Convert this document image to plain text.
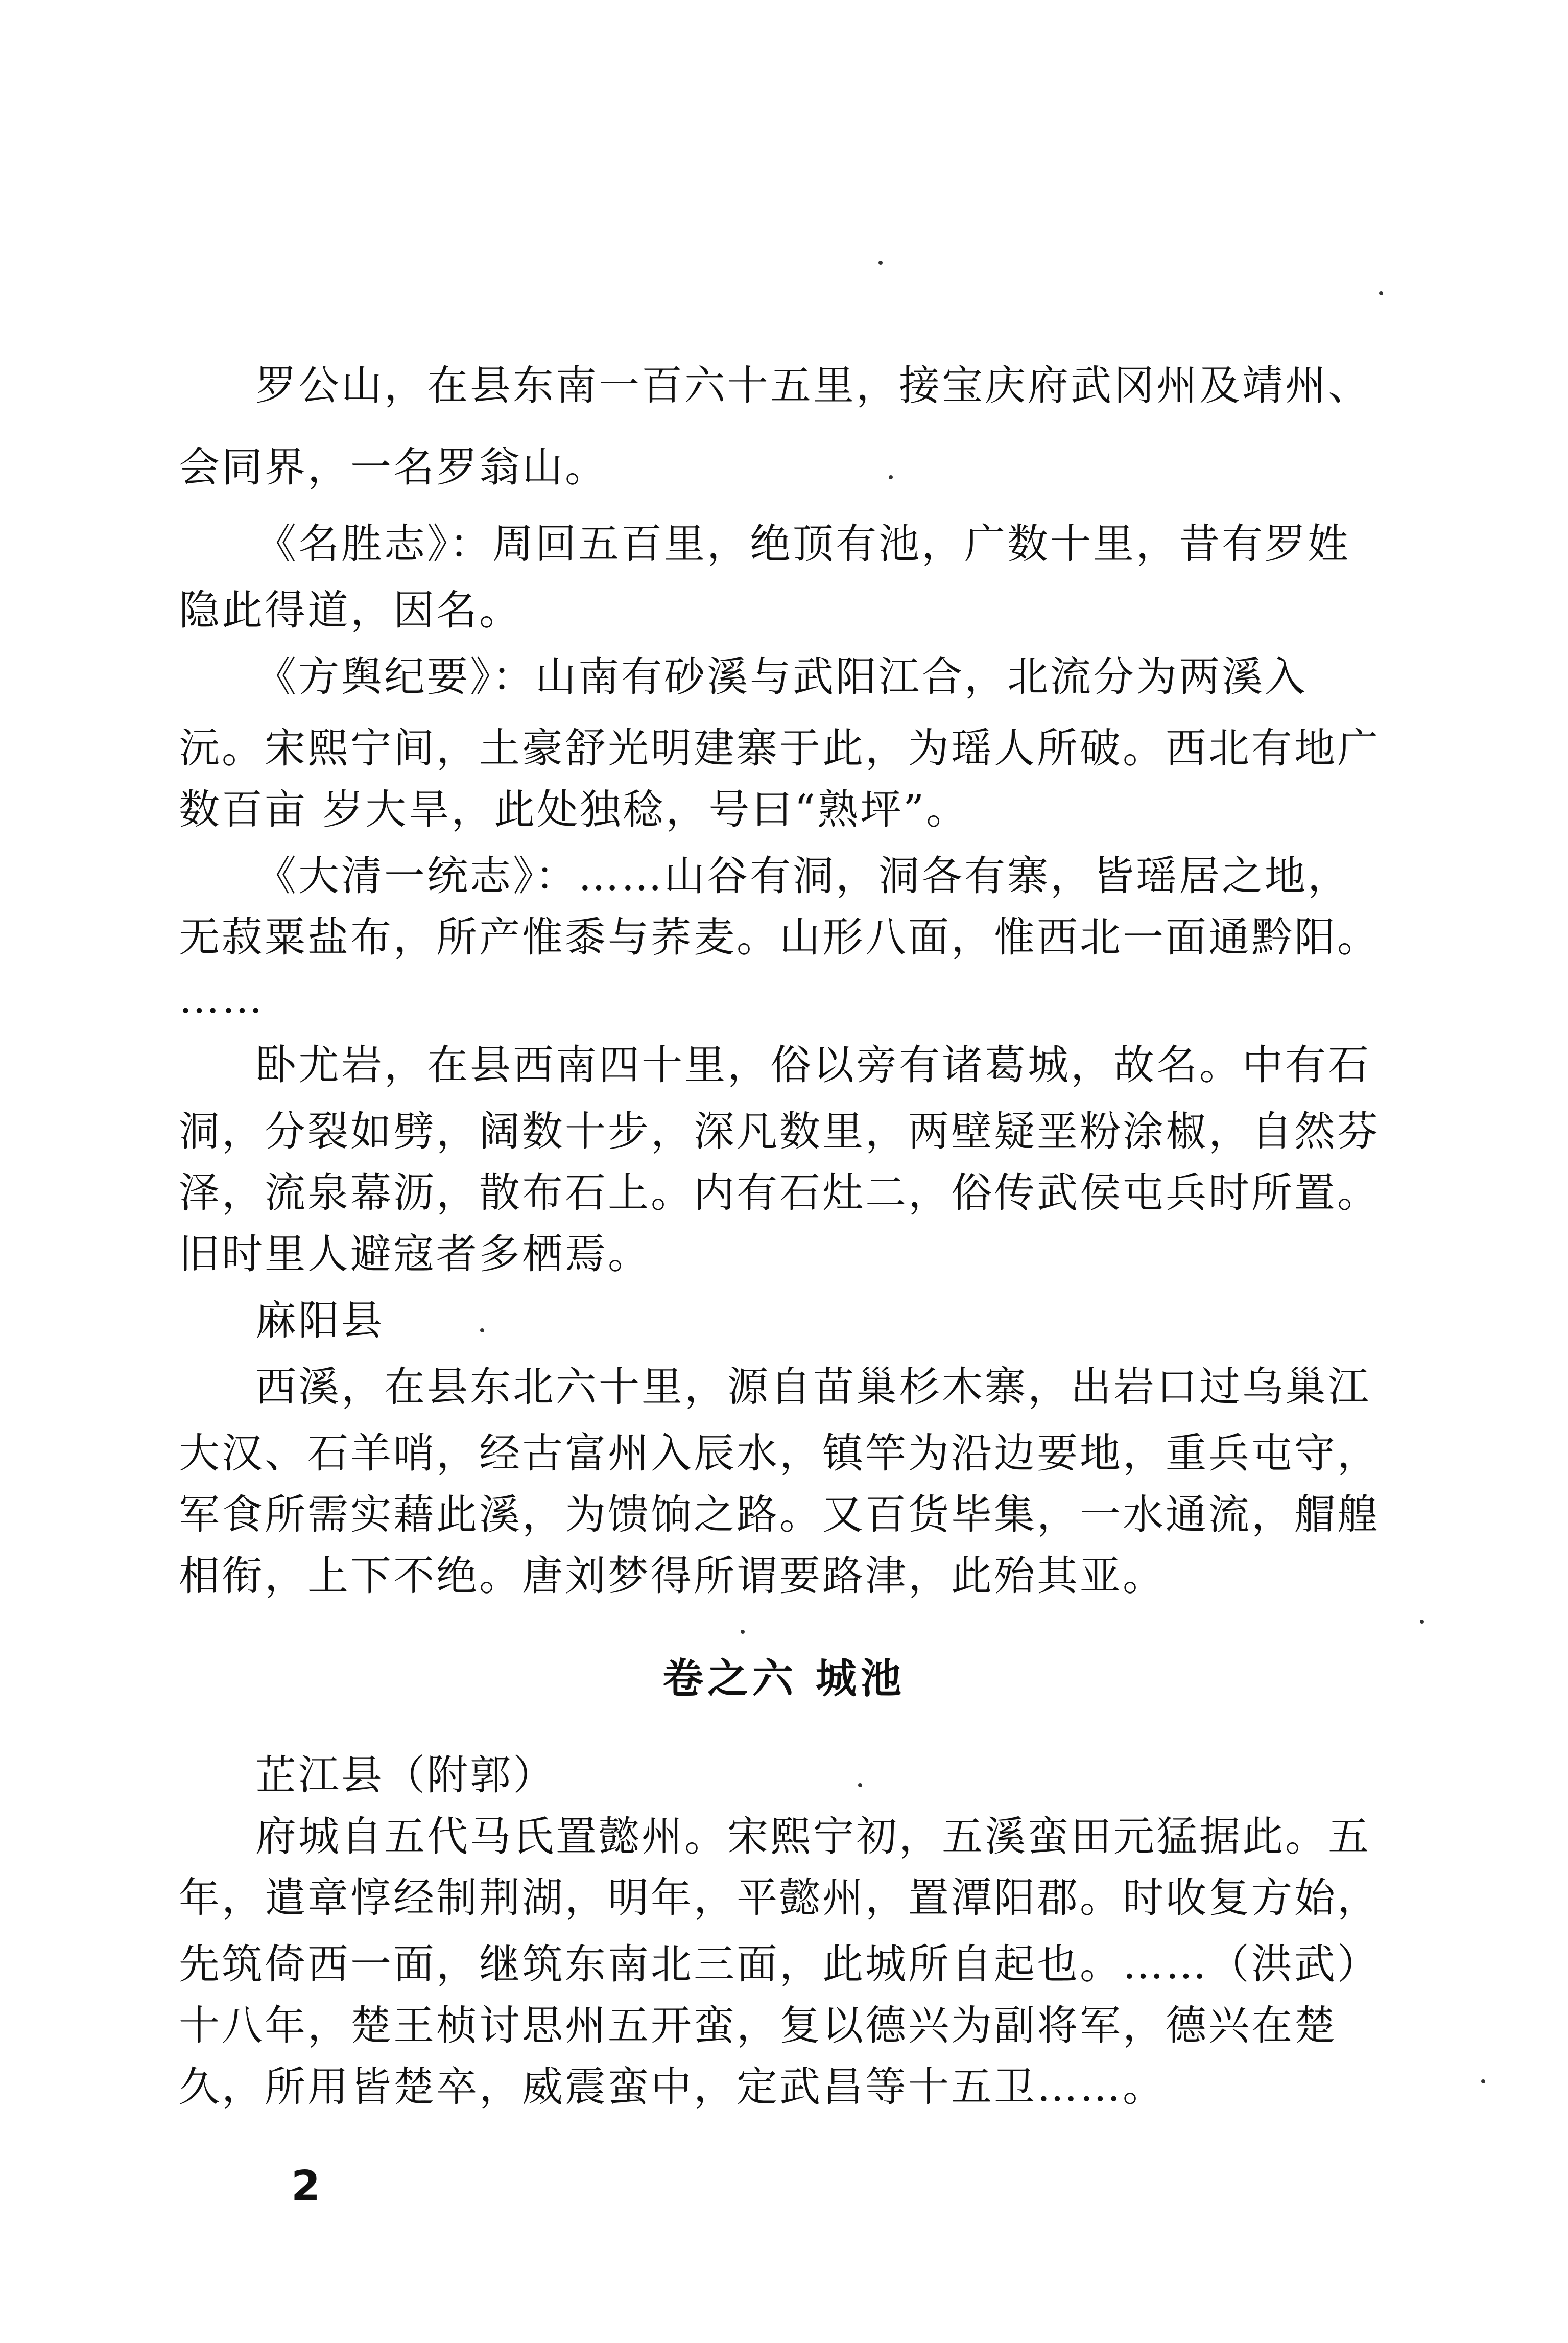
罗公山，在县东南一百六十五里，接宝庆府武冈州及靖州、
会同界，一名罗翁山。
《名胜志》：周回五百里，绝顶有池，广数十里，昔有罗姓
隐此得道，因名。
《方舆纪要》：山南有砂溪与武阳江合，北流分为两溪入
沅。宋熙宁间，土豪舒光明建寨于此，为瑶人所破。西北有地广
数百亩 岁大旱，此处独稔，号曰“熟坪”。
《大清一统志》：……山谷有洞，洞各有寨，皆瑶居之地，
无菽粟盐布，所产惟黍与荞麦。山形八面，惟西北一面通黔阳。
……
卧尤岩，在县西南四十里，俗以旁有诸葛城，故名。中有石
洞，分裂如劈，阔数十步，深凡数里，两壁疑垩粉涂椒，自然芬
泽，流泉幕沥，散布石上。内有石灶二，俗传武侯屯兵时所置。
旧时里人避寇者多栖焉。
麻阳县
西溪，在县东北六十里，源自苗巢杉木寨，出岩口过乌巢江
大汉、石羊哨，经古富州入辰水，镇竿为沿边要地，重兵屯守，
军食所需实藉此溪，为馈饷之路。又百货毕集，一水通流，艒艎
相衔，上下不绝。唐刘梦得所谓要路津，此殆其亚。
卷之六 城池
芷江县（附郭）
府城自五代马氏置懿州。宋熙宁初，五溪蛮田元猛据此。五
年，遣章惇经制荆湖，明年，平懿州，置潭阳郡。时收复方始，
先筑倚西一面，继筑东南北三面，此城所自起也。……（洪武）
十八年，楚王桢讨思州五开蛮，复以德兴为副将军，德兴在楚
久，所用皆楚卒，威震蛮中，定武昌等十五卫……。
2
